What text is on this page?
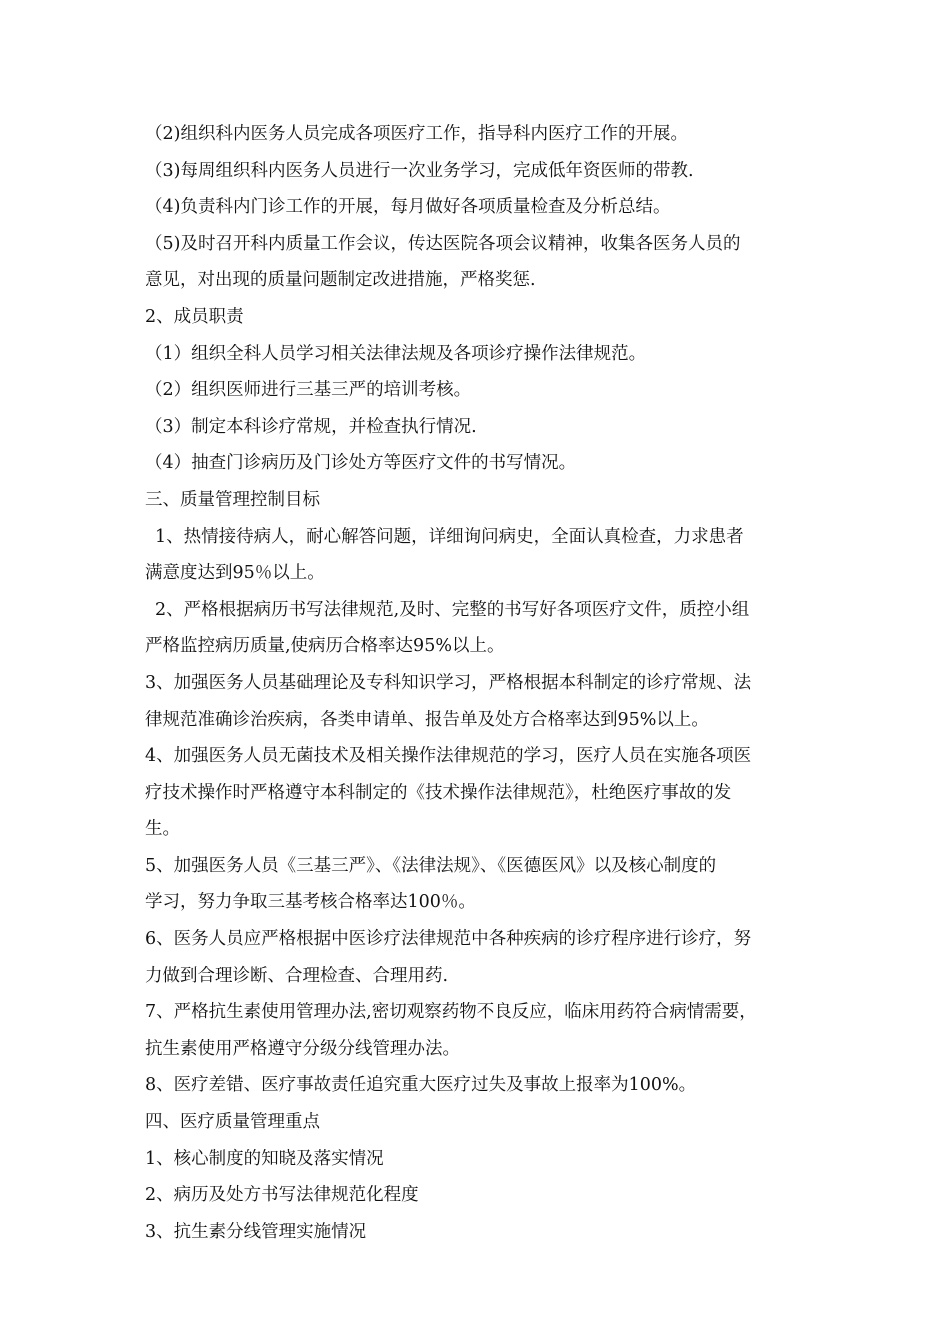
（2)组织科内医务人员完成各项医疗工作，指导科内医疗工作的开展。
（3)每周组织科内医务人员进行一次业务学习，完成低年资医师的带教.
（4)负责科内门诊工作的开展，每月做好各项质量检查及分析总结。
（5)及时召开科内质量工作会议，传达医院各项会议精神，收集各医务人员的
意见，对出现的质量问题制定改进措施，严格奖惩.
2、成员职责
（1）组织全科人员学习相关法律法规及各项诊疗操作法律规范。
（2）组织医师进行三基三严的培训考核。
（3）制定本科诊疗常规，并检查执行情况.
（4）抽查门诊病历及门诊处方等医疗文件的书写情况。
三、质量管理控制目标
1、热情接待病人，耐心解答问题，详细询问病史，全面认真检查，力求患者
满意度达到95％以上。
2、严格根据病历书写法律规范,及时、完整的书写好各项医疗文件，质控小组
严格监控病历质量,使病历合格率达95%以上。
3、加强医务人员基础理论及专科知识学习，严格根据本科制定的诊疗常规、法
律规范准确诊治疾病，各类申请单、报告单及处方合格率达到95%以上。
4、加强医务人员无菌技术及相关操作法律规范的学习，医疗人员在实施各项医
疗技术操作时严格遵守本科制定的《技术操作法律规范》，杜绝医疗事故的发
生。
5、加强医务人员《三基三严》、《法律法规》、《医德医风》以及核心制度的
学习，努力争取三基考核合格率达100％。
6、医务人员应严格根据中医诊疗法律规范中各种疾病的诊疗程序进行诊疗，努
力做到合理诊断、合理检查、合理用药.
7、严格抗生素使用管理办法,密切观察药物不良反应，临床用药符合病情需要，
抗生素使用严格遵守分级分线管理办法。
8、医疗差错、医疗事故责任追究重大医疗过失及事故上报率为100%。
四、医疗质量管理重点
1、核心制度的知晓及落实情况
2、病历及处方书写法律规范化程度
3、抗生素分线管理实施情况
